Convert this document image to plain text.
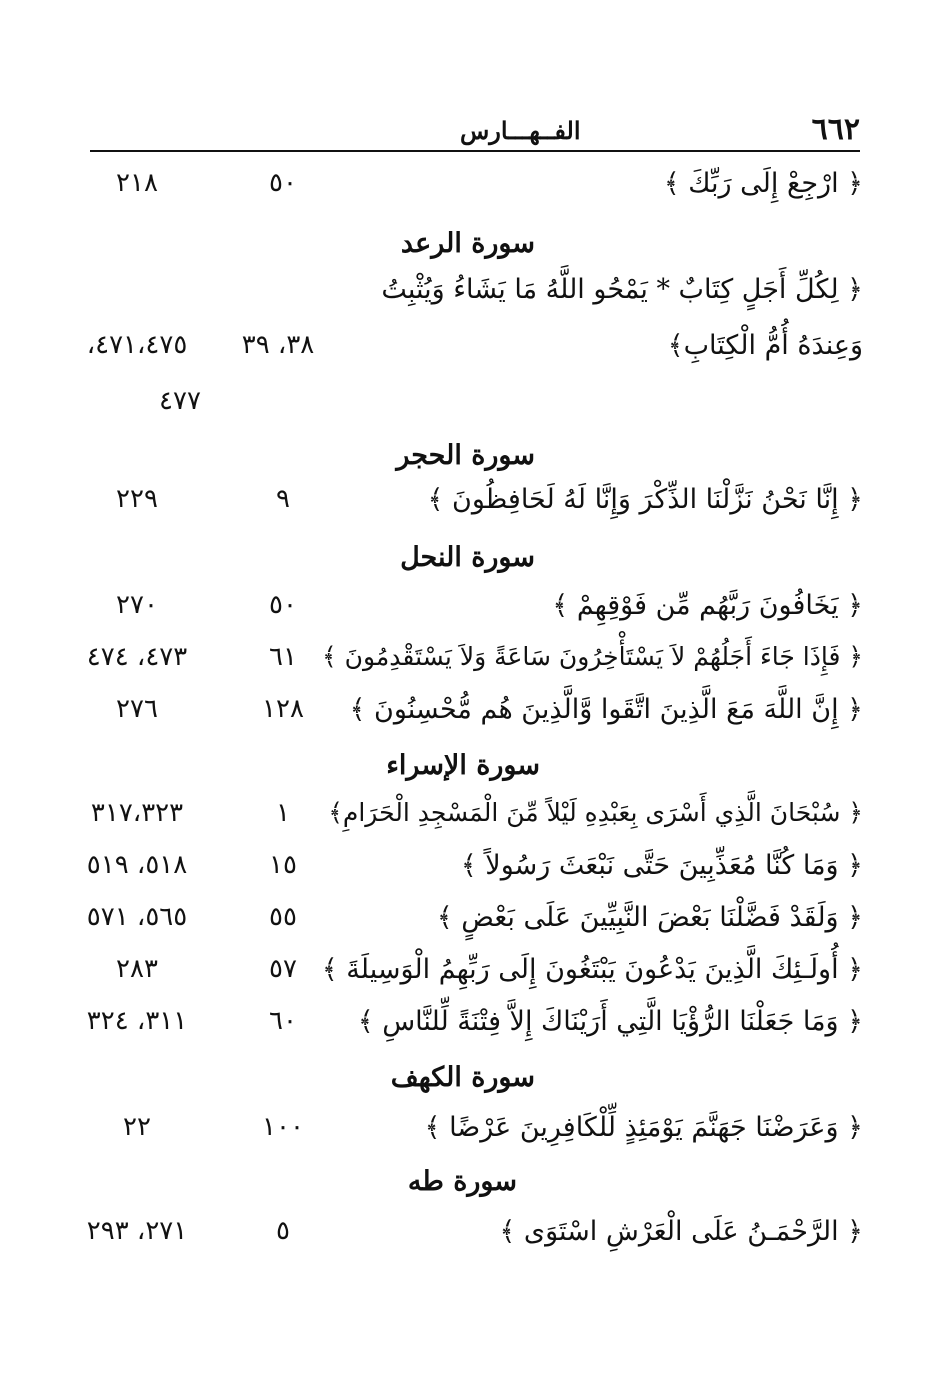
٦٦٢
الفــهـــارس
﴿ ارْجِعْ إِلَى رَبِّكَ ﴾
٥٠
٢١٨
سورة الرعد
﴿ لِكُلِّ أَجَلٍ كِتَابٌ * يَمْحُو اللَّهُ مَا يَشَاءُ وَيُثْبِتُ
وَعِندَهُ أُمُّ الْكِتَابِ﴾
٣٨، ٣٩
٤٧١،٤٧٥،
٤٧٧
سورة الحجر
﴿ إِنَّا نَحْنُ نَزَّلْنَا الذِّكْرَ وَإِنَّا لَهُ لَحَافِظُونَ ﴾
٩
٢٢٩
سورة النحل
﴿ يَخَافُونَ رَبَّهُم مِّن فَوْقِهِمْ ﴾
٥٠
٢٧٠
﴿ فَإِذَا جَاءَ أَجَلُهُمْ لاَ يَسْتَأْخِرُونَ سَاعَةً وَلاَ يَسْتَقْدِمُونَ ﴾
٦١
٤٧٣، ٤٧٤
﴿ إِنَّ اللَّهَ مَعَ الَّذِينَ اتَّقَوا وَّالَّذِينَ هُم مُّحْسِنُونَ ﴾
١٢٨
٢٧٦
سورة الإسراء
﴿ سُبْحَانَ الَّذِي أَسْرَى بِعَبْدِهِ لَيْلاً مِّنَ الْمَسْجِدِ الْحَرَامِ﴾
١
٣١٧،٣٢٣
﴿ وَمَا كُنَّا مُعَذِّبِينَ حَتَّى نَبْعَثَ رَسُولاً ﴾
١٥
٥١٨، ٥١٩
﴿ وَلَقَدْ فَضَّلْنَا بَعْضَ النَّبِيِّينَ عَلَى بَعْضٍ ﴾
٥٥
٥٦٥، ٥٧١
﴿ أُولَـئِكَ الَّذِينَ يَدْعُونَ يَبْتَغُونَ إِلَى رَبِّهِمُ الْوَسِيلَةَ ﴾
٥٧
٢٨٣
﴿ وَمَا جَعَلْنَا الرُّؤْيَا الَّتِي أَرَيْنَاكَ إِلاَّ فِتْنَةً لِّلنَّاسِ ﴾
٦٠
٣١١، ٣٢٤
سورة الكهف
﴿ وَعَرَضْنَا جَهَنَّمَ يَوْمَئِذٍ لِّلْكَافِرِينَ عَرْضًا ﴾
١٠٠
٢٢
سورة طه
﴿ الرَّحْمَـنُ عَلَى الْعَرْشِ اسْتَوَى ﴾
٥
٢٧١، ٢٩٣
